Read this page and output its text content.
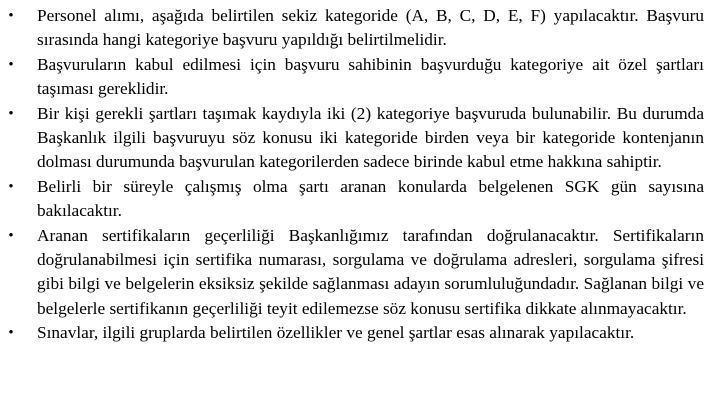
• Personel alımı, aşağıda belirtilen sekiz kategoride (A, B, C, D, E, F) yapılacaktır. Başvuru sırasında hangi kategoriye başvuru yapıldığı belirtilmelidir.
• Başvuruların kabul edilmesi için başvuru sahibinin başvurduğu kategoriye ait özel şartları taşıması gereklidir.
• Bir kişi gerekli şartları taşımak kaydıyla iki (2) kategoriye başvuruda bulunabilir. Bu durumda Başkanlık ilgili başvuruyu söz konusu iki kategoride birden veya bir kategoride kontenjanın dolması durumunda başvurulan kategorilerden sadece birinde kabul etme hakkına sahiptir.
• Belirli bir süreyle çalışmış olma şartı aranan konularda belgelenen SGK gün sayısına bakılacaktır.
• Aranan sertifikaların geçerliliği Başkanlığımız tarafından doğrulanacaktır. Sertifikaların doğrulanabilmesi için sertifika numarası, sorgulama ve doğrulama adresleri, sorgulama şifresi gibi bilgi ve belgelerin eksiksiz şekilde sağlanması adayın sorumluluğundadır. Sağlanan bilgi ve belgelerle sertifikanın geçerliliği teyit edilemezse söz konusu sertifika dikkate alınmayacaktır.
• Sınavlar, ilgili gruplarda belirtilen özellikler ve genel şartlar esas alınarak yapılacaktır.
